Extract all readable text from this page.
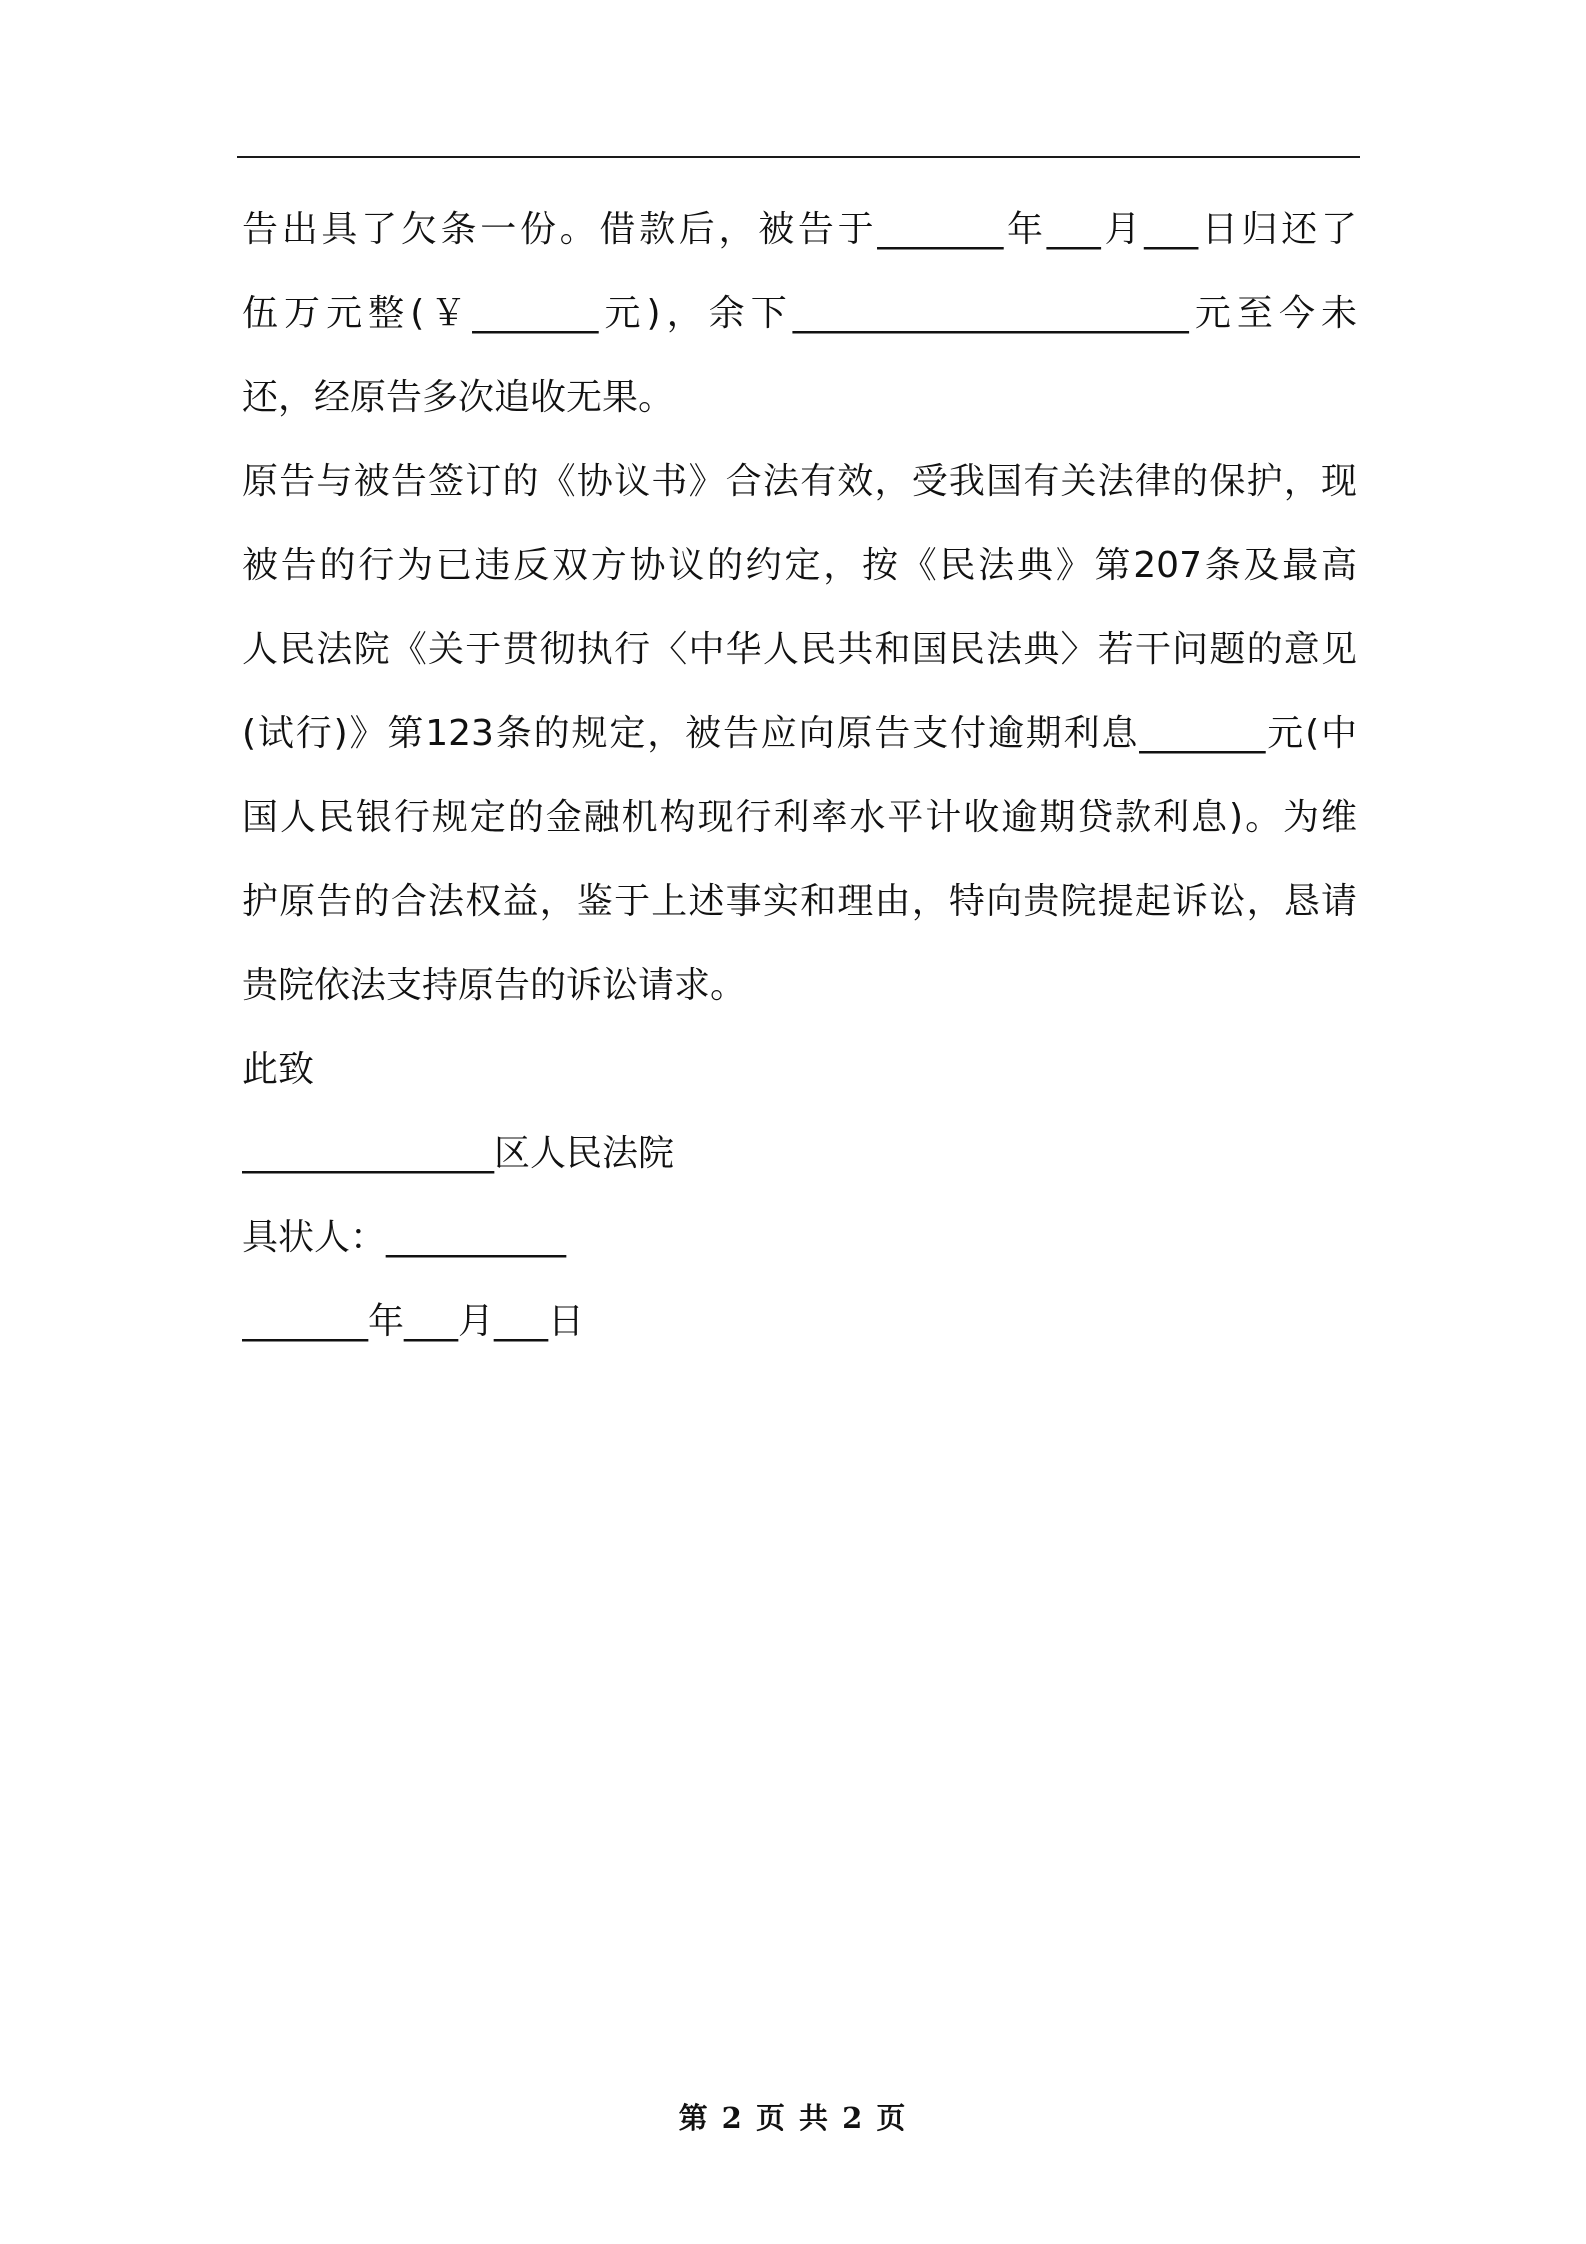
告出具了欠条一份。借款后，被告于_______年___月___日归还了

伍万元整(￥_______元)，余下______________________元至今未

还，经原告多次追收无果。

原告与被告签订的《协议书》合法有效，受我国有关法律的保护，现

被告的行为已违反双方协议的约定，按《民法典》第207条及最高

人民法院《关于贯彻执行〈中华人民共和国民法典〉若干问题的意见

(试行)》第123条的规定，被告应向原告支付逾期利息_______元(中

国人民银行规定的金融机构现行利率水平计收逾期贷款利息)。为维

护原告的合法权益，鉴于上述事实和理由，特向贵院提起诉讼，恳请

贵院依法支持原告的诉讼请求。

此致

______________区人民法院

具状人：__________

_______年___月___日

第 2 页 共 2 页
